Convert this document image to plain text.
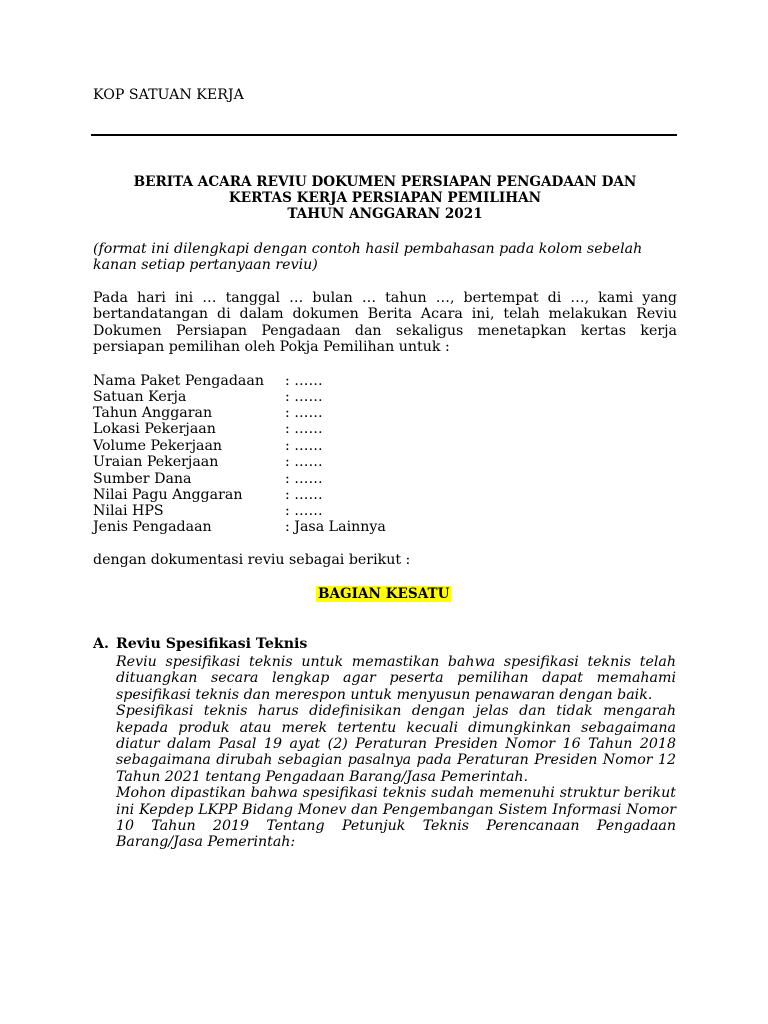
KOP SATUAN KERJA
BERITA ACARA REVIU DOKUMEN PERSIAPAN PENGADAAN DAN
KERTAS KERJA PERSIAPAN PEMILIHAN
TAHUN ANGGARAN 2021
(format ini dilengkapi dengan contoh hasil pembahasan pada kolom sebelah kanan setiap pertanyaan reviu)
Pada hari ini … tanggal … bulan … tahun …, bertempat di …, kami yang bertandatangan di dalam dokumen Berita Acara ini, telah melakukan Reviu Dokumen Persiapan Pengadaan dan sekaligus menetapkan kertas kerja persiapan pemilihan oleh Pokja Pemilihan untuk :
Nama Paket Pengadaan	: ……
Satuan Kerja	: ……
Tahun Anggaran	: ……
Lokasi Pekerjaan	: ……
Volume Pekerjaan	: ……
Uraian Pekerjaan	: ……
Sumber Dana	: ……
Nilai Pagu Anggaran	: ……
Nilai HPS	: ……
Jenis Pengadaan	: Jasa Lainnya
dengan dokumentasi reviu sebagai berikut :
BAGIAN KESATU
A. Reviu Spesifikasi Teknis

Reviu spesifikasi teknis untuk memastikan bahwa spesifikasi teknis telah dituangkan secara lengkap agar peserta pemilihan dapat memahami spesifikasi teknis dan merespon untuk menyusun penawaran dengan baik.

Spesifikasi teknis harus didefinisikan dengan jelas dan tidak mengarah kepada produk atau merek tertentu kecuali dimungkinkan sebagaimana diatur dalam Pasal 19 ayat (2) Peraturan Presiden Nomor 16 Tahun 2018 sebagaimana dirubah sebagian pasalnya pada Peraturan Presiden Nomor 12 Tahun 2021 tentang Pengadaan Barang/Jasa Pemerintah.

Mohon dipastikan bahwa spesifikasi teknis sudah memenuhi struktur berikut ini Kepdep LKPP Bidang Monev dan Pengembangan Sistem Informasi Nomor 10 Tahun 2019 Tentang Petunjuk Teknis Perencanaan Pengadaan Barang/Jasa Pemerintah:
